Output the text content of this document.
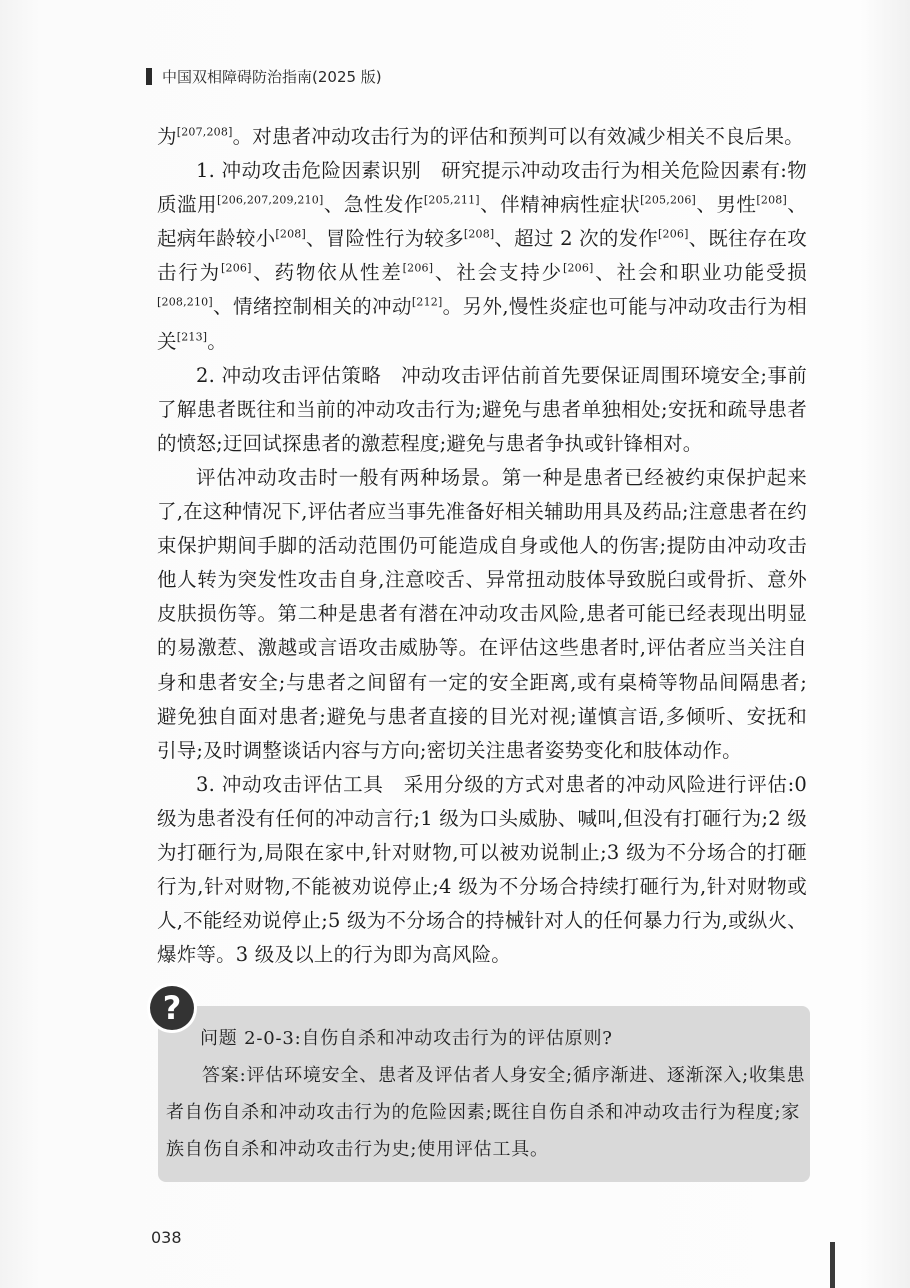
中国双相障碍防治指南(2025 版)

为[207,208]。对患者冲动攻击行为的评估和预判可以有效减少相关不良后果。

1. 冲动攻击危险因素识别　研究提示冲动攻击行为相关危险因素有:物质滥用[206,207,209,210]、急性发作[205,211]、伴精神病性症状[205,206]、男性[208]、起病年龄较小[208]、冒险性行为较多[208]、超过 2 次的发作[206]、既往存在攻击行为[206]、药物依从性差[206]、社会支持少[206]、社会和职业功能受损[208,210]、情绪控制相关的冲动[212]。另外,慢性炎症也可能与冲动攻击行为相关[213]。

2. 冲动攻击评估策略　冲动攻击评估前首先要保证周围环境安全;事前了解患者既往和当前的冲动攻击行为;避免与患者单独相处;安抚和疏导患者的愤怒;迂回试探患者的激惹程度;避免与患者争执或针锋相对。

评估冲动攻击时一般有两种场景。第一种是患者已经被约束保护起来了,在这种情况下,评估者应当事先准备好相关辅助用具及药品;注意患者在约束保护期间手脚的活动范围仍可能造成自身或他人的伤害;提防由冲动攻击他人转为突发性攻击自身,注意咬舌、异常扭动肢体导致脱臼或骨折、意外皮肤损伤等。第二种是患者有潜在冲动攻击风险,患者可能已经表现出明显的易激惹、激越或言语攻击威胁等。在评估这些患者时,评估者应当关注自身和患者安全;与患者之间留有一定的安全距离,或有桌椅等物品间隔患者;避免独自面对患者;避免与患者直接的目光对视;谨慎言语,多倾听、安抚和引导;及时调整谈话内容与方向;密切关注患者姿势变化和肢体动作。

3. 冲动攻击评估工具　采用分级的方式对患者的冲动风险进行评估:0 级为患者没有任何的冲动言行;1 级为口头威胁、喊叫,但没有打砸行为;2 级为打砸行为,局限在家中,针对财物,可以被劝说制止;3 级为不分场合的打砸行为,针对财物,不能被劝说停止;4 级为不分场合持续打砸行为,针对财物或人,不能经劝说停止;5 级为不分场合的持械针对人的任何暴力行为,或纵火、爆炸等。3 级及以上的行为即为高风险。

?

问题 2-0-3:自伤自杀和冲动攻击行为的评估原则?

答案:评估环境安全、患者及评估者人身安全;循序渐进、逐渐深入;收集患者自伤自杀和冲动攻击行为的危险因素;既往自伤自杀和冲动攻击行为程度;家族自伤自杀和冲动攻击行为史;使用评估工具。

038
